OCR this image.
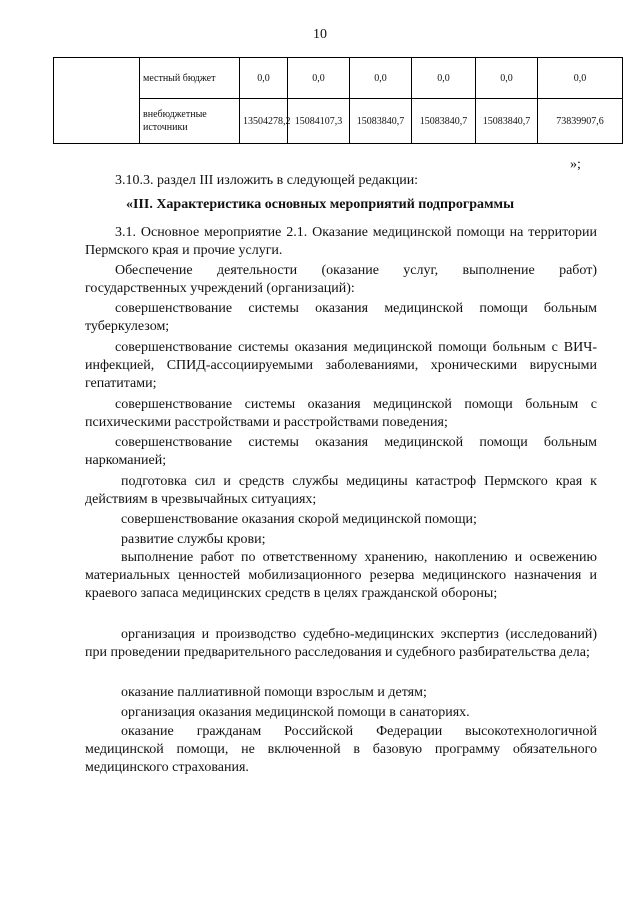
10
	местный бюджет	0,0	0,0	0,0	0,0	0,0	0,0
	внебюджетные источники	13504278,2	15084107,3	15083840,7	15083840,7	15083840,7	73839907,6
»;
3.10.3. раздел III изложить в следующей редакции:
«III. Характеристика основных мероприятий подпрограммы
3.1. Основное мероприятие 2.1. Оказание медицинской помощи на территории Пермского края и прочие услуги.
Обеспечение деятельности (оказание услуг, выполнение работ) государственных учреждений (организаций):
совершенствование системы оказания медицинской помощи больным туберкулезом;
совершенствование системы оказания медицинской помощи больным с ВИЧ-инфекцией, СПИД-ассоциируемыми заболеваниями, хроническими вирусными гепатитами;
совершенствование системы оказания медицинской помощи больным с психическими расстройствами и расстройствами поведения;
совершенствование системы оказания медицинской помощи больным наркоманией;
подготовка сил и средств службы медицины катастроф Пермского края к действиям в чрезвычайных ситуациях;
совершенствование оказания скорой медицинской помощи;
развитие службы крови;
выполнение работ по ответственному хранению, накоплению и освежению материальных ценностей мобилизационного резерва медицинского назначения и краевого запаса медицинских средств в целях гражданской обороны;
организация и производство судебно-медицинских экспертиз (исследований) при проведении предварительного расследования и судебного разбирательства дела;
оказание паллиативной помощи взрослым и детям;
организация оказания медицинской помощи в санаториях.
оказание гражданам Российской Федерации высокотехнологичной медицинской помощи, не включенной в базовую программу обязательного медицинского страхования.
